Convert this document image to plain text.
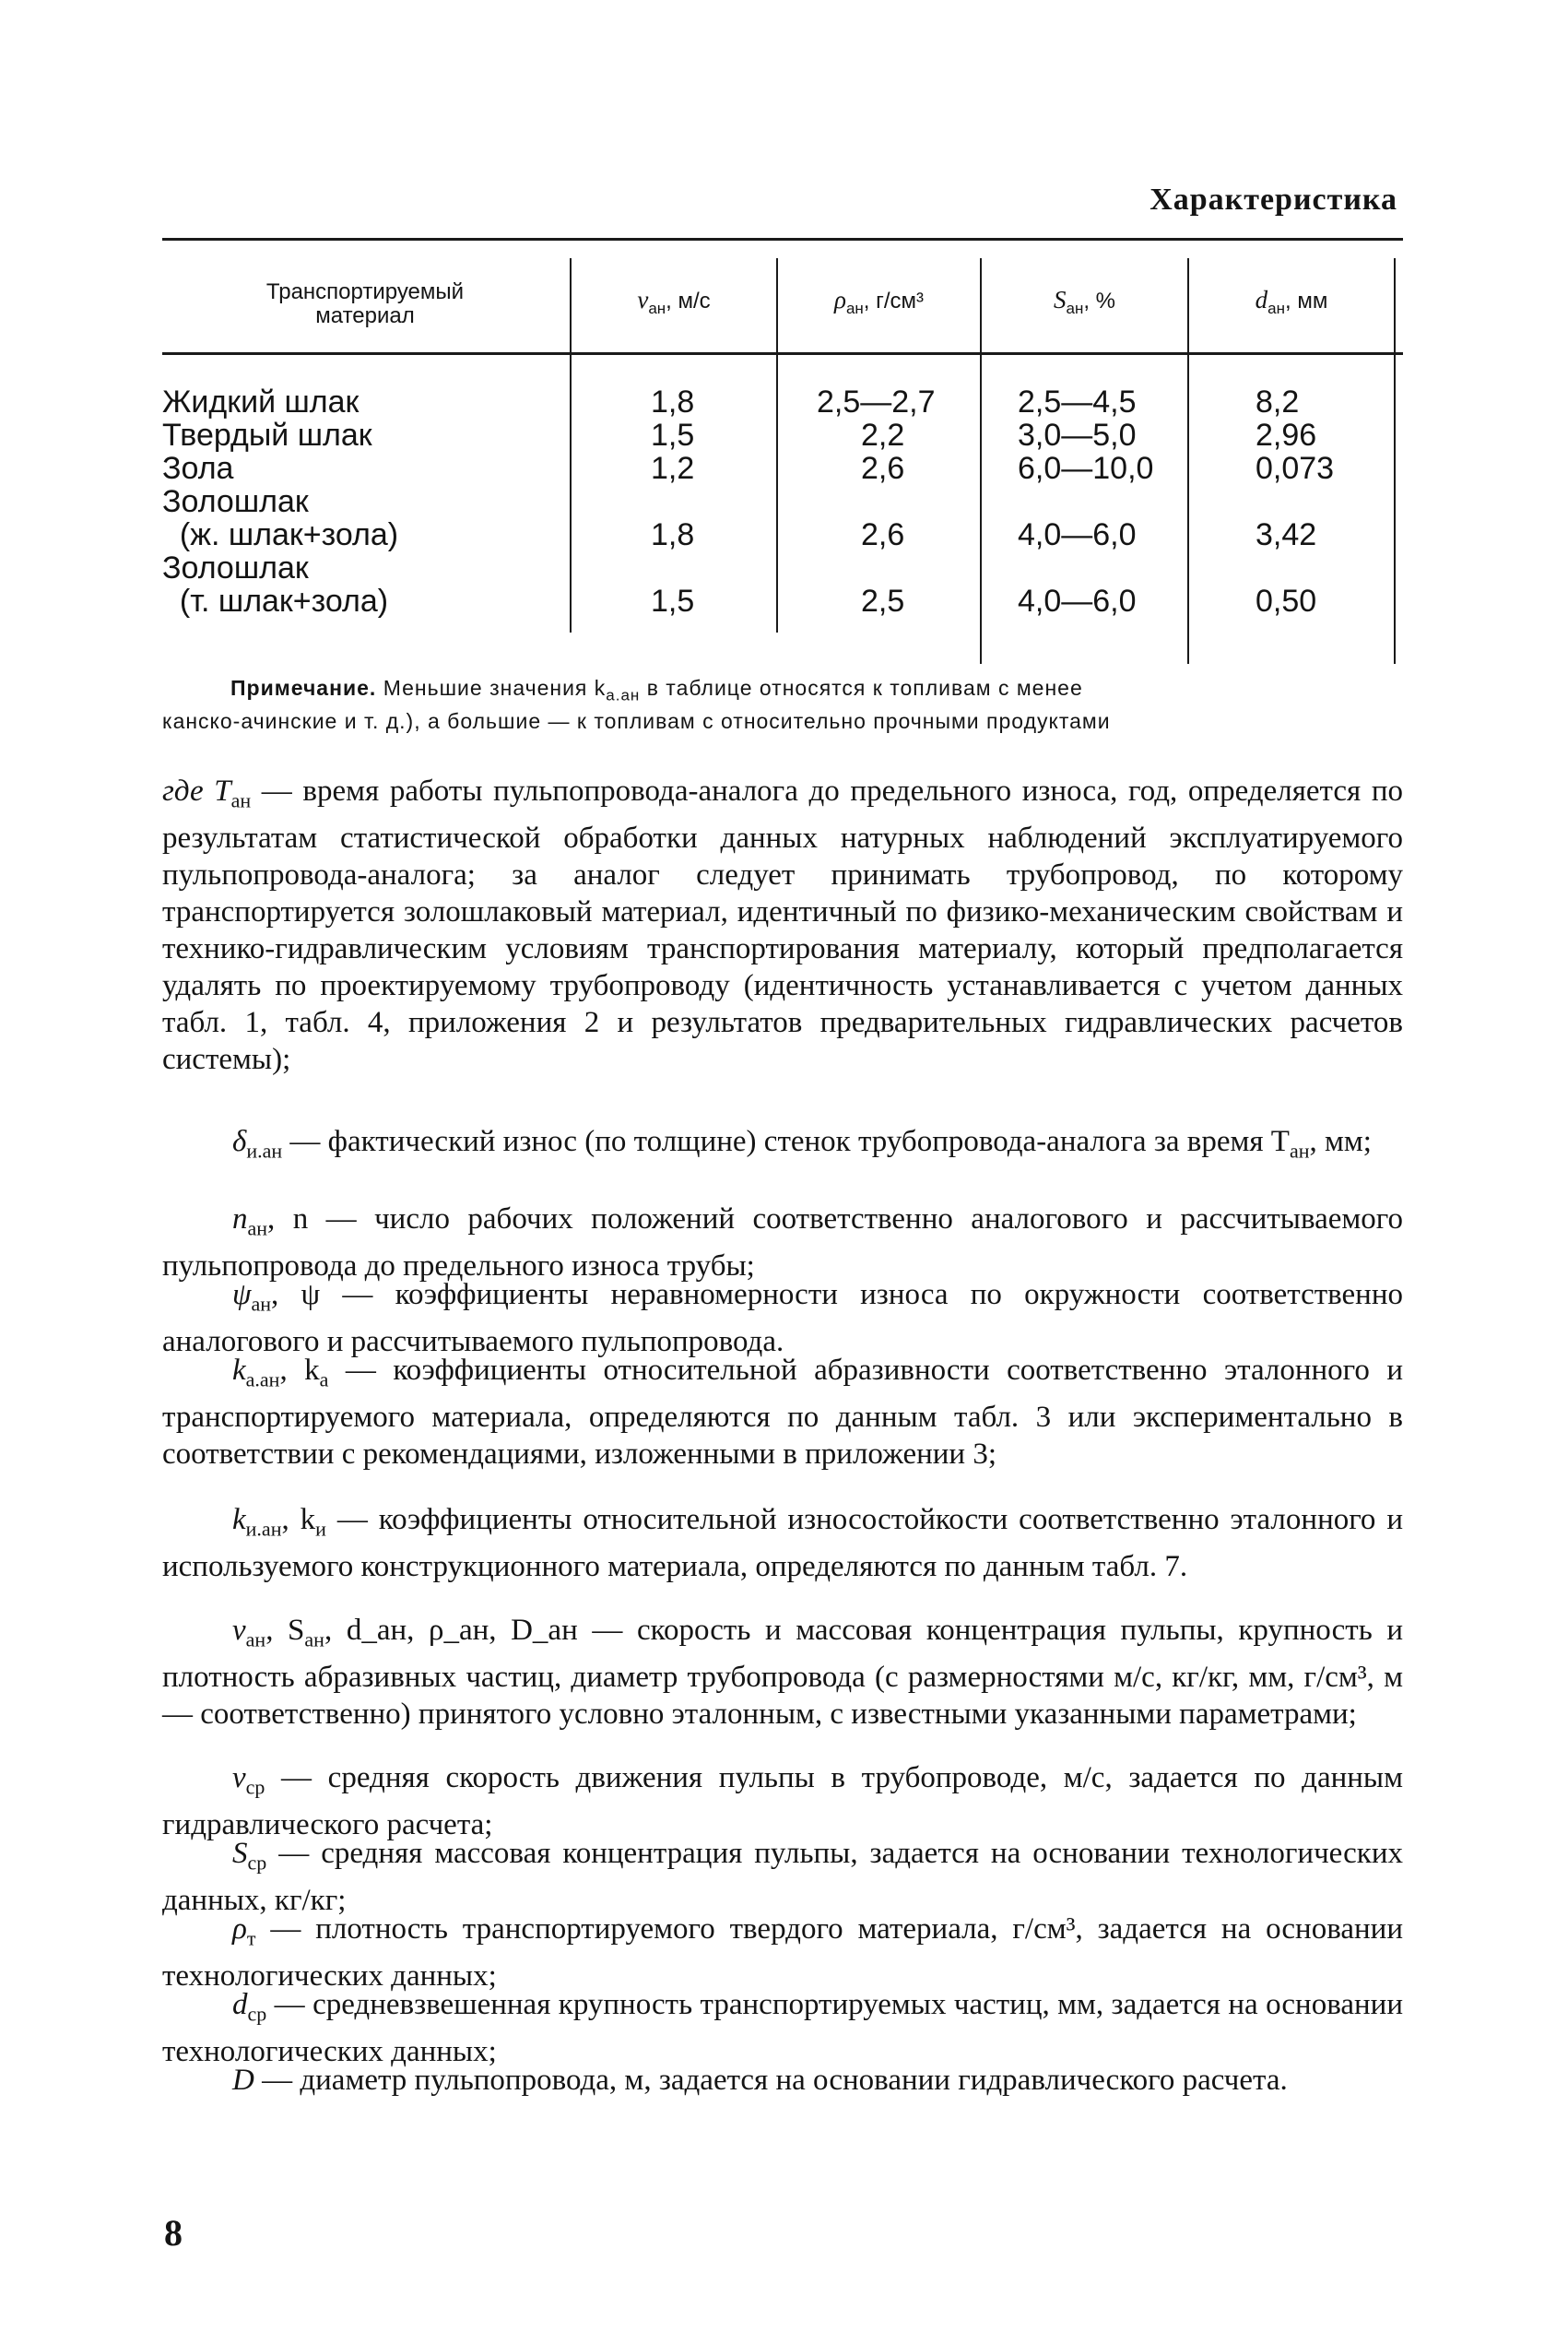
Характеристика
Транспортируемый материал
$v_{ан}$, м/с	$\rho_{ан}$, г/см³	$S_{ан}$, %	$d_{ан}$, мм
Жидкий шлак	1,8	2,5—2,7	2,5—4,5	8,2
Твердый шлак	1,5	2,2	3,0—5,0	2,96
Зола	1,2	2,6	6,0—10,0	0,073
Золошлак
(ж. шлак+зола)	1,8	2,6	4,0—6,0	3,42
Золошлак
(т. шлак+зола)	1,5	2,5	4,0—6,0	0,50
Примечание. Меньшие значения $k_{а.ан}$ в таблице относятся к топливам с менее
канско-ачинские и т. д.), а большие — к топливам с относительно прочными продуктами
где $T_{ан}$ — время работы пульпопровода-аналога до предельного износа, год, определяется по результатам статистической обработки данных натурных наблюдений эксплуатируемого пульпопровода-аналога; за аналог следует принимать трубопровод, по которому транспортируется золошлаковый материал, идентичный по физико-механическим свойствам и технико-гидравлическим условиям транспортирования материалу, который предполагается удалять по проектируемому трубопроводу (идентичность устанавливается с учетом данных табл. 1, табл. 4, приложения 2 и результатов предварительных гидравлических расчетов системы);
$\delta_{и.ан}$ — фактический износ (по толщине) стенок трубопровода-аналога за время $T_{ан}$, мм;
$n_{ан}$, n — число рабочих положений соответственно аналогового и рассчитываемого пульпопровода до предельного износа трубы;
$\psi_{ан}$, ψ — коэффициенты неравномерности износа по окружности соответственно аналогового и рассчитываемого пульпопровода.
$k_{а.ан}$, $k_а$ — коэффициенты относительной абразивности соответственно эталонного и транспортируемого материала, определяются по данным табл. 3 или экспериментально в соответствии с рекомендациями, изложенными в приложении 3;
$k_{и.ан}$, $k_и$ — коэффициенты относительной износостойкости соответственно эталонного и используемого конструкционного материала, определяются по данным табл. 7.
$v_{ан}$, $S_{ан}$, d_ан, ρ_ан, D_ан — скорость и массовая концентрация пульпы, крупность и плотность абразивных частиц, диаметр трубопровода (с размерностями м/с, кг/кг, мм, г/см³, м — соответственно) принятого условно эталонным, с известными указанными параметрами;
$v_{ср}$ — средняя скорость движения пульпы в трубопроводе, м/с, задается по данным гидравлического расчета;
$S_{ср}$ — средняя массовая концентрация пульпы, задается на основании технологических данных, кг/кг;
$\rho_т$ — плотность транспортируемого твердого материала, г/см³, задается на основании технологических данных;
$d_{ср}$ — средневзвешенная крупность транспортируемых частиц, мм, задается на основании технологических данных;
D — диаметр пульпопровода, м, задается на основании гидравлического расчета.
8
